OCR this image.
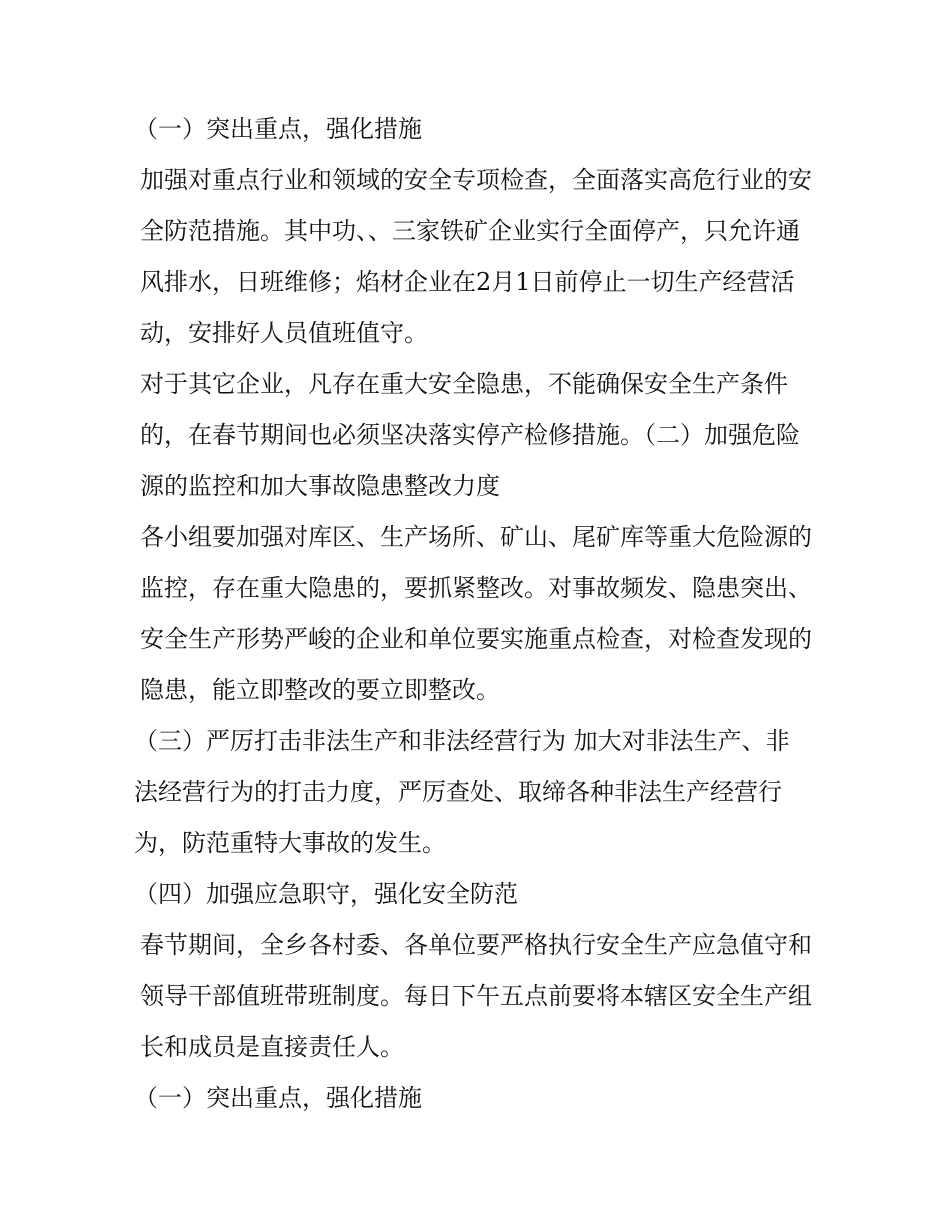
（一）突出重点，强化措施

加强对重点行业和领域的安全专项检查，全面落实高危行业的安全防范措施。其中功、、三家铁矿企业实行全面停产，只允许通风排水，日班维修；焰材企业在2月1日前停止一切生产经营活动，安排好人员值班值守。

对于其它企业，凡存在重大安全隐患，不能确保安全生产条件的，在春节期间也必须坚决落实停产检修措施。（二）加强危险源的监控和加大事故隐患整改力度

各小组要加强对库区、生产场所、矿山、尾矿库等重大危险源的监控，存在重大隐患的，要抓紧整改。对事故频发、隐患突出、安全生产形势严峻的企业和单位要实施重点检查，对检查发现的隐患，能立即整改的要立即整改。

（三）严厉打击非法生产和非法经营行为 加大对非法生产、非法经营行为的打击力度，严厉查处、取缔各种非法生产经营行为，防范重特大事故的发生。

（四）加强应急职守，强化安全防范

春节期间，全乡各村委、各单位要严格执行安全生产应急值守和领导干部值班带班制度。每日下午五点前要将本辖区安全生产组长和成员是直接责任人。

（一）突出重点，强化措施
